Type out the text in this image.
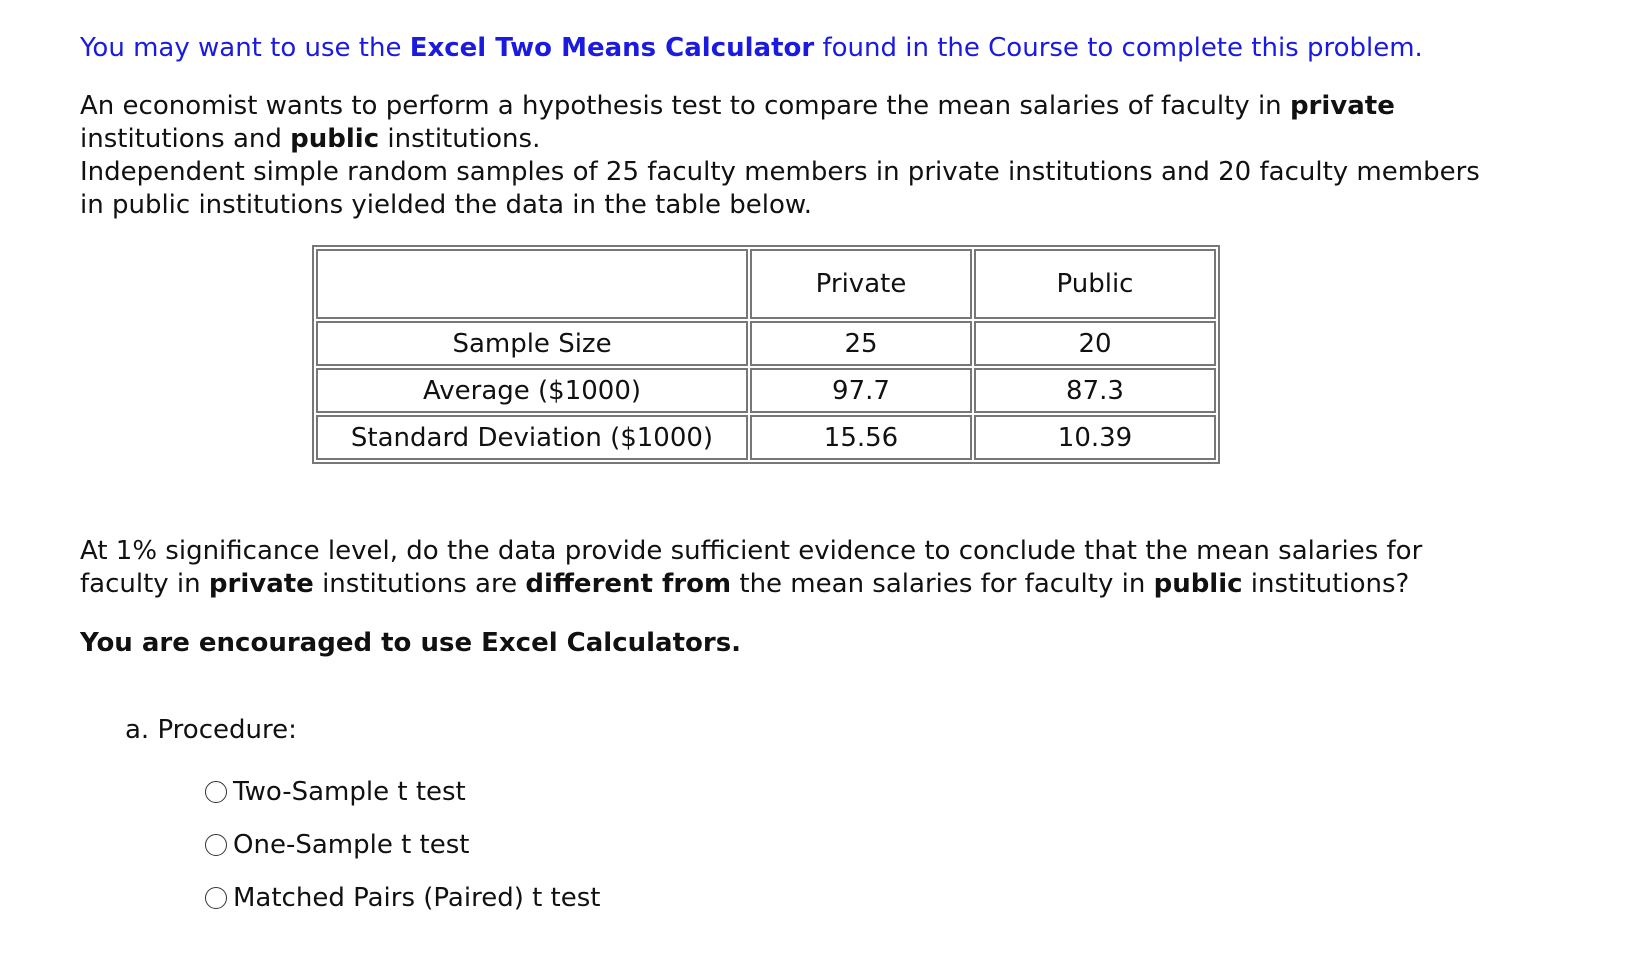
You may want to use the Excel Two Means Calculator found in the Course to complete this problem.

An economist wants to perform a hypothesis test to compare the mean salaries of faculty in private institutions and public institutions.

Independent simple random samples of 25 faculty members in private institutions and 20 faculty members in public institutions yielded the data in the table below.

	Private	Public
Sample Size	25	20
Average ($1000)	97.7	87.3
Standard Deviation ($1000)	15.56	10.39
At 1% significance level, do the data provide sufficient evidence to conclude that the mean salaries for faculty in private institutions are different from the mean salaries for faculty in public institutions?
You are encouraged to use Excel Calculators.
a. Procedure:
Two-Sample t test
One-Sample t test
Matched Pairs (Paired) t test
